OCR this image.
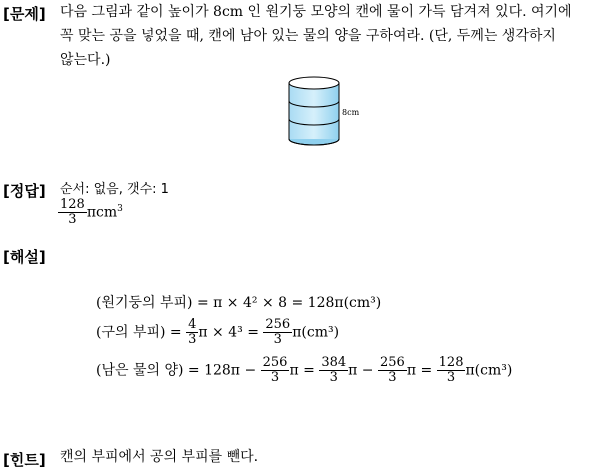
[문제] 다음 그림과 같이 높이가 8cm 인 원기둥 모양의 캔에 물이 가득 담겨져 있다. 여기에
꼭 맞는 공을 넣었을 때, 캔에 남아 있는 물의 양을 구하여라. (단, 두께는 생각하지
않는다.)
8cm
[정답] 순서: 없음, 갯수: 1
$\frac{128}{3} \pi cm^3$
[해설]
(원기둥의 부피) = π × 4² × 8 = 128π(cm³)
(구의 부피) = $\frac{4}{3}$ $\pi \times 4^3 = \frac{256}{3} \pi(cm^3)$
(남은 물의 양) = $128\pi - \frac{256}{3}$ $\pi = \frac{384}{3}$ $\pi - \frac{256}{3}$ $\pi = \frac{128}{3} \pi(cm^3)$
[힌트] 캔의 부피에서 공의 부피를 뺀다.
